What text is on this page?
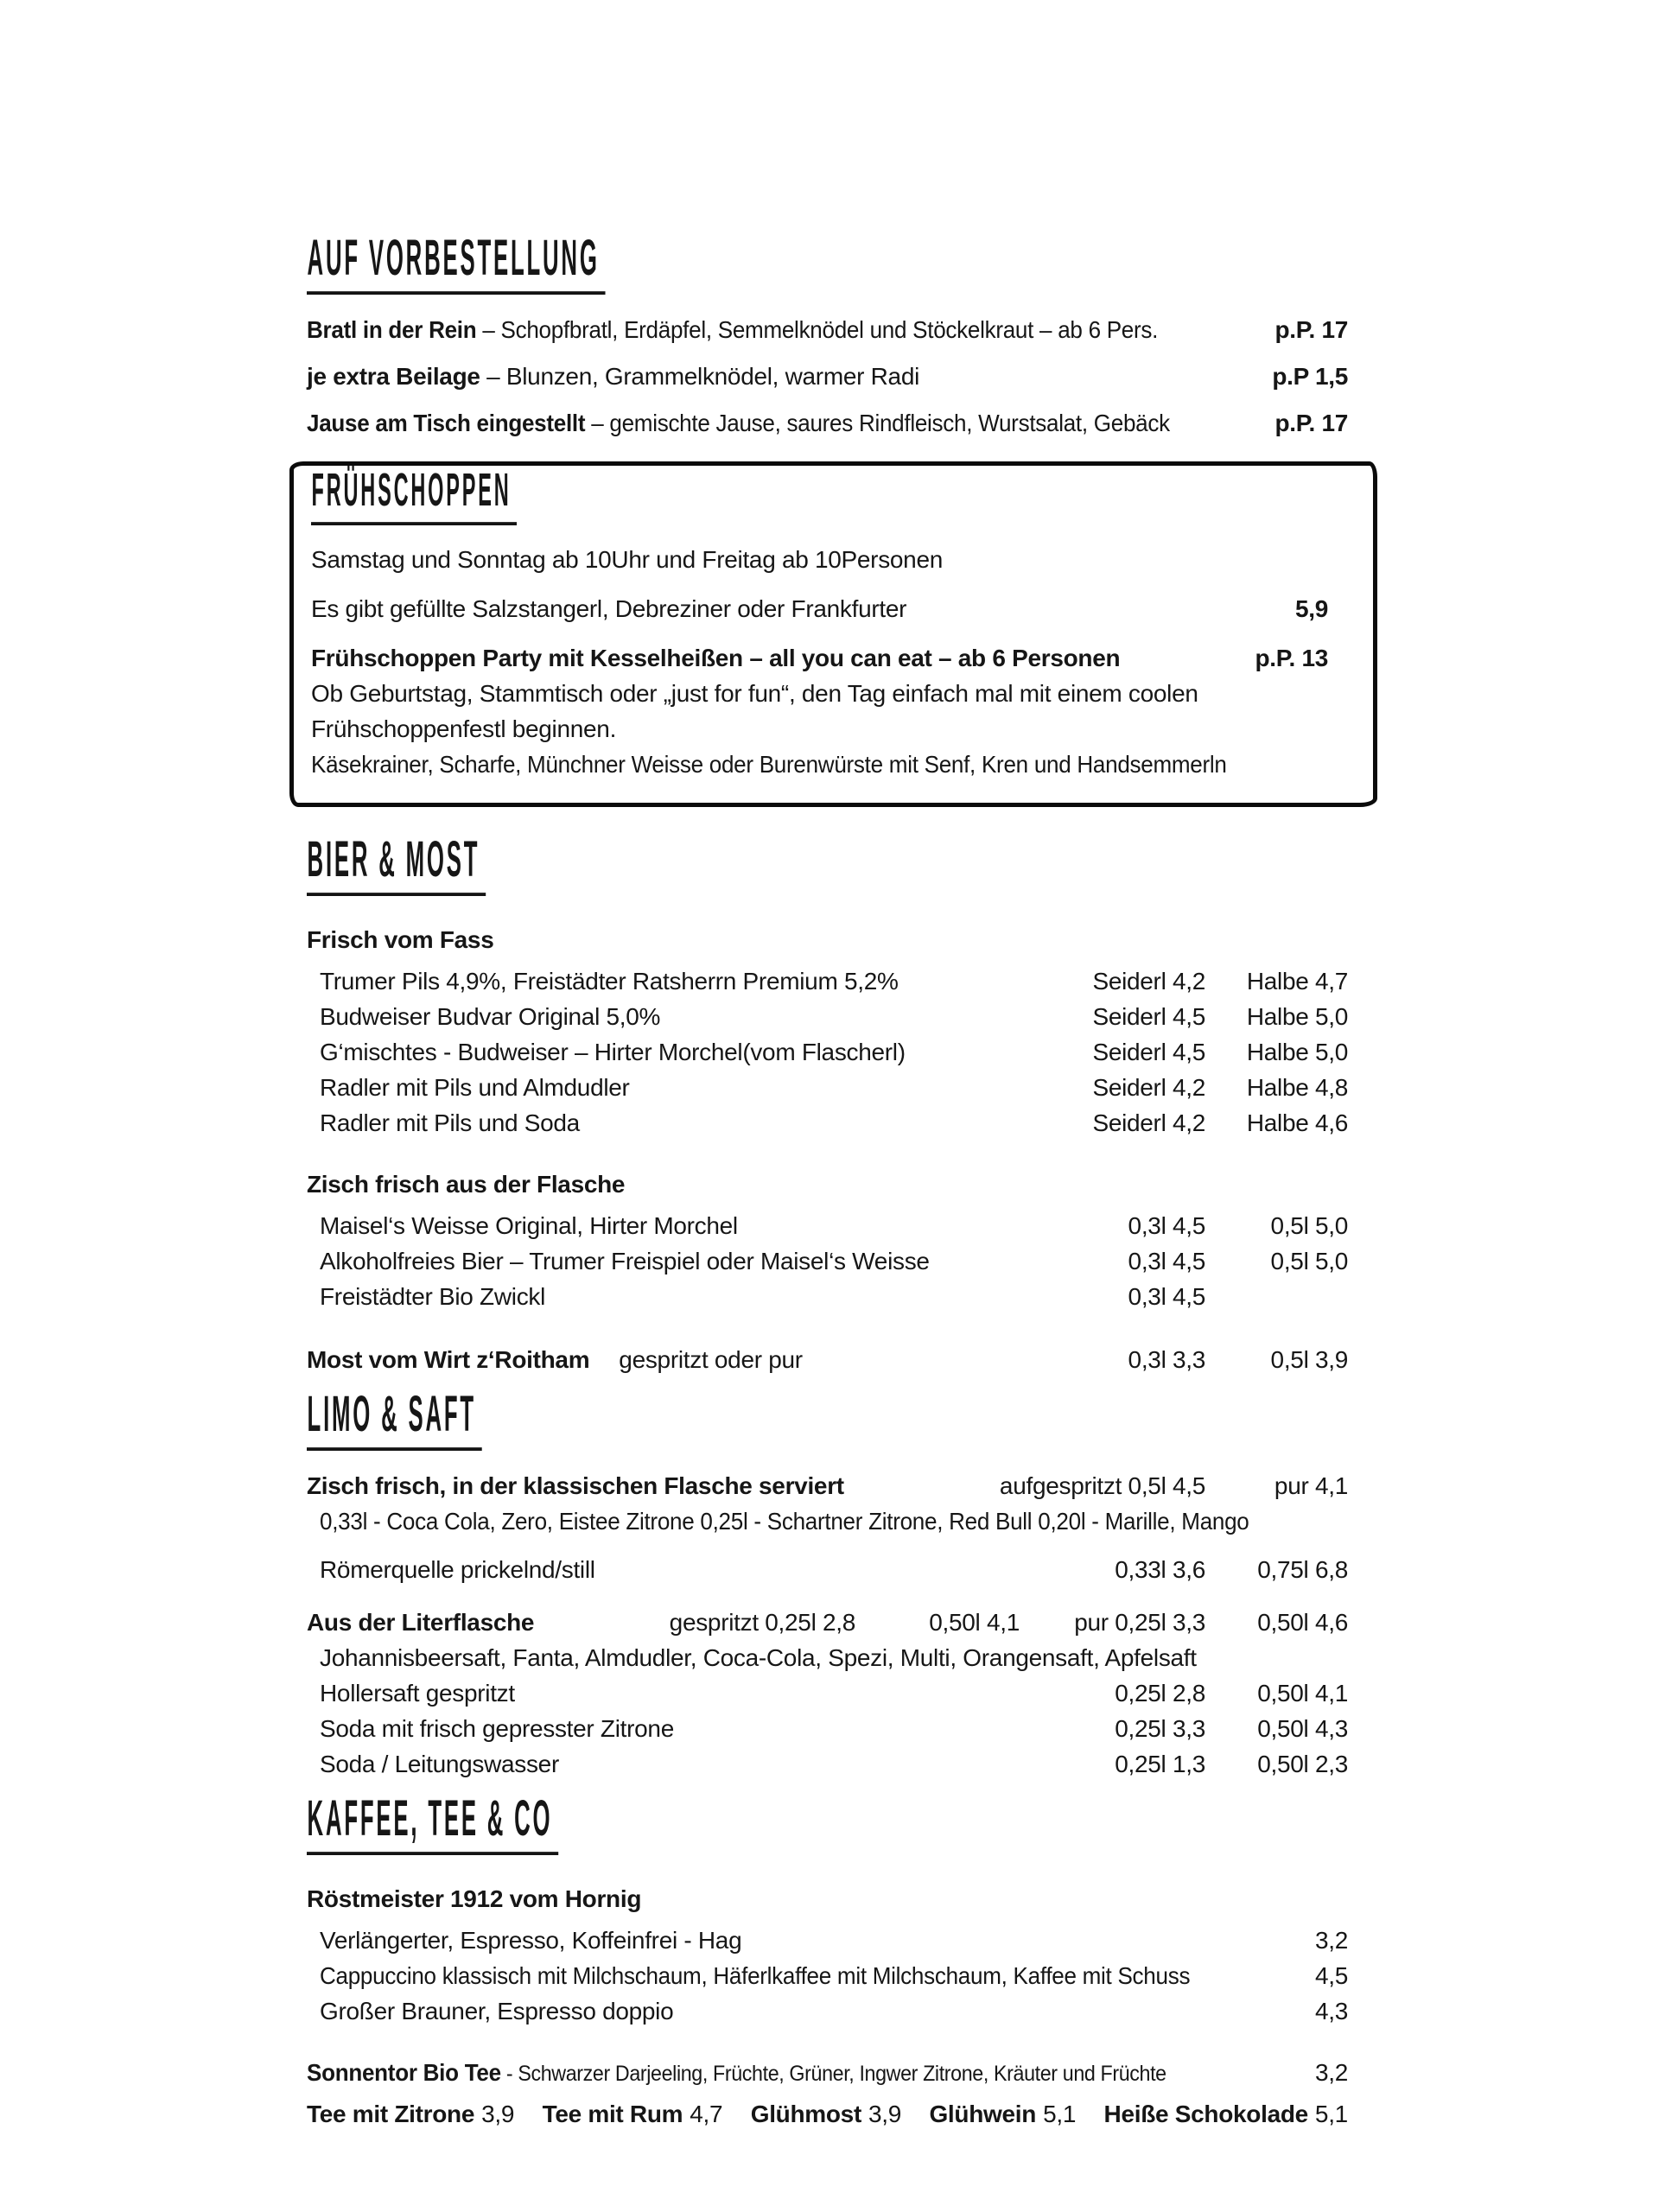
AUF VORBESTELLUNG
Bratl in der Rein – Schopfbratl, Erdäpfel, Semmelknödel und Stöckelkraut – ab 6 Pers.	p.P. 17
je extra Beilage – Blunzen, Grammelknödel, warmer Radi	p.P 1,5
Jause am Tisch eingestellt – gemischte Jause, saures Rindfleisch, Wurstsalat, Gebäck	p.P. 17
FRÜHSCHOPPEN
Samstag und Sonntag ab 10Uhr und Freitag ab 10Personen
Es gibt gefüllte Salzstangerl, Debreziner oder Frankfurter	5,9
Frühschoppen Party mit Kesselheißen – all you can eat – ab 6 Personen	p.P. 13
Ob Geburtstag, Stammtisch oder „just for fun“, den Tag einfach mal mit einem coolen Frühschoppenfestl beginnen.
Käsekrainer, Scharfe, Münchner Weisse oder Burenwürste mit Senf, Kren und Handsemmerln
BIER & MOST
Frisch vom Fass
Trumer Pils 4,9%, Freistädter Ratsherrn Premium 5,2%	Seiderl 4,2	Halbe 4,7
Budweiser Budvar Original 5,0%	Seiderl 4,5	Halbe 5,0
G‘mischtes - Budweiser – Hirter Morchel(vom Flascherl)	Seiderl 4,5	Halbe 5,0
Radler mit Pils und Almdudler	Seiderl 4,2	Halbe 4,8
Radler mit Pils und Soda	Seiderl 4,2	Halbe 4,6
Zisch frisch aus der Flasche
Maisel‘s Weisse Original, Hirter Morchel	0,3l 4,5	0,5l 5,0
Alkoholfreies Bier – Trumer Freispiel oder Maisel‘s Weisse	0,3l 4,5	0,5l 5,0
Freistädter Bio Zwickl	0,3l 4,5
Most vom Wirt z‘Roitham gespritzt oder pur	0,3l 3,3	0,5l 3,9
LIMO & SAFT
Zisch frisch, in der klassischen Flasche serviert	aufgespritzt 0,5l 4,5	pur 4,1
0,33l - Coca Cola, Zero, Eistee Zitrone 0,25l - Schartner Zitrone, Red Bull 0,20l - Marille, Mango
Römerquelle prickelnd/still	0,33l 3,6	0,75l 6,8
Aus der Literflasche	gespritzt 0,25l 2,8	0,50l 4,1	pur 0,25l 3,3	0,50l 4,6
Johannisbeersaft, Fanta, Almdudler, Coca-Cola, Spezi, Multi, Orangensaft, Apfelsaft
Hollersaft gespritzt	0,25l 2,8	0,50l 4,1
Soda mit frisch gepresster Zitrone	0,25l 3,3	0,50l 4,3
Soda / Leitungswasser	0,25l 1,3	0,50l 2,3
KAFFEE, TEE & CO
Röstmeister 1912 vom Hornig
Verlängerter, Espresso, Koffeinfrei - Hag	3,2
Cappuccino klassisch mit Milchschaum, Häferlkaffee mit Milchschaum, Kaffee mit Schuss	4,5
Großer Brauner, Espresso doppio	4,3
Sonnentor Bio Tee - Schwarzer Darjeeling, Früchte, Grüner, Ingwer Zitrone, Kräuter und Früchte	3,2
Tee mit Zitrone 3,9 Tee mit Rum 4,7 Glühmost 3,9 Glühwein 5,1 Heiße Schokolade 5,1
